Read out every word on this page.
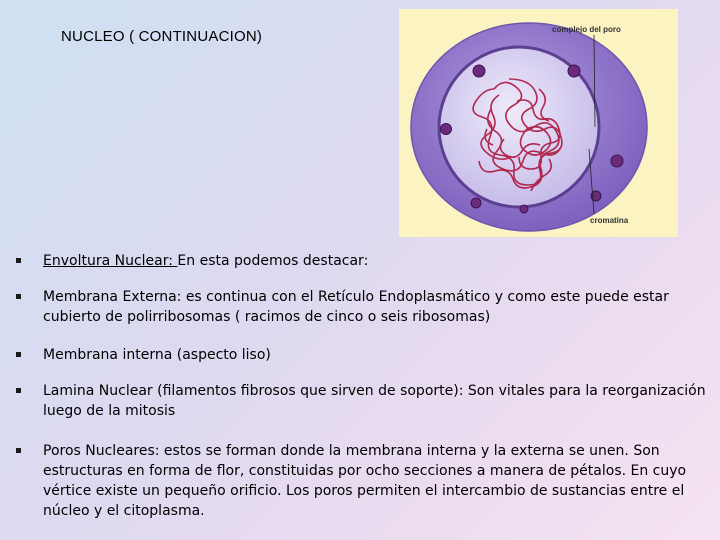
NUCLEO ( CONTINUACION)	complejo del poro
cromatina
Envoltura Nuclear: En esta podemos destacar:
Membrana Externa: es continua con el Retículo Endoplasmático y como este puede estar cubierto de polirribosomas ( racimos de cinco o seis ribosomas)
Membrana interna (aspecto liso)
Lamina Nuclear (filamentos fibrosos que sirven de soporte): Son vitales para la reorganización luego de la mitosis
Poros Nucleares: estos se forman donde la membrana interna y la externa se unen. Son estructuras en forma de flor, constituidas por ocho secciones a manera de pétalos. En cuyo vértice existe un pequeño orificio. Los poros permiten el intercambio de sustancias entre el núcleo y el citoplasma.
